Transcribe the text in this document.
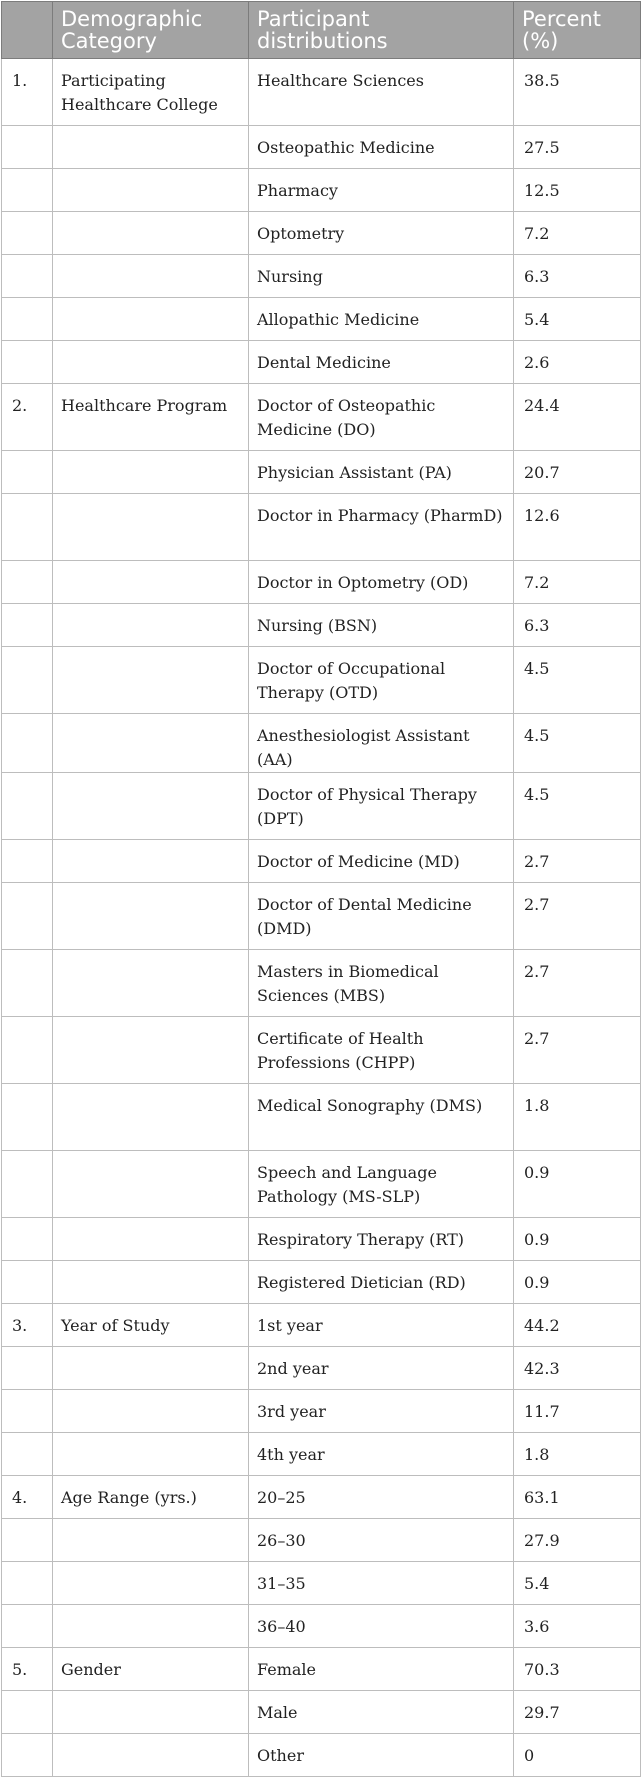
	Demographic Category	Participant distributions	Percent (%)
1.	Participating Healthcare College	Healthcare Sciences	38.5
		Osteopathic Medicine	27.5
		Pharmacy	12.5
		Optometry	7.2
		Nursing	6.3
		Allopathic Medicine	5.4
		Dental Medicine	2.6
2.	Healthcare Program	Doctor of Osteopathic Medicine (DO)	24.4
		Physician Assistant (PA)	20.7
		Doctor in Pharmacy (PharmD)	12.6
		Doctor in Optometry (OD)	7.2
		Nursing (BSN)	6.3
		Doctor of Occupational Therapy (OTD)	4.5
		Anesthesiologist Assistant (AA)	4.5
		Doctor of Physical Therapy (DPT)	4.5
		Doctor of Medicine (MD)	2.7
		Doctor of Dental Medicine (DMD)	2.7
		Masters in Biomedical Sciences (MBS)	2.7
		Certificate of Health Professions (CHPP)	2.7
		Medical Sonography (DMS)	1.8
		Speech and Language Pathology (MS-SLP)	0.9
		Respiratory Therapy (RT)	0.9
		Registered Dietician (RD)	0.9
3.	Year of Study	1st year	44.2
		2nd year	42.3
		3rd year	11.7
		4th year	1.8
4.	Age Range (yrs.)	20–25	63.1
		26–30	27.9
		31–35	5.4
		36–40	3.6
5.	Gender	Female	70.3
		Male	29.7
		Other	0
